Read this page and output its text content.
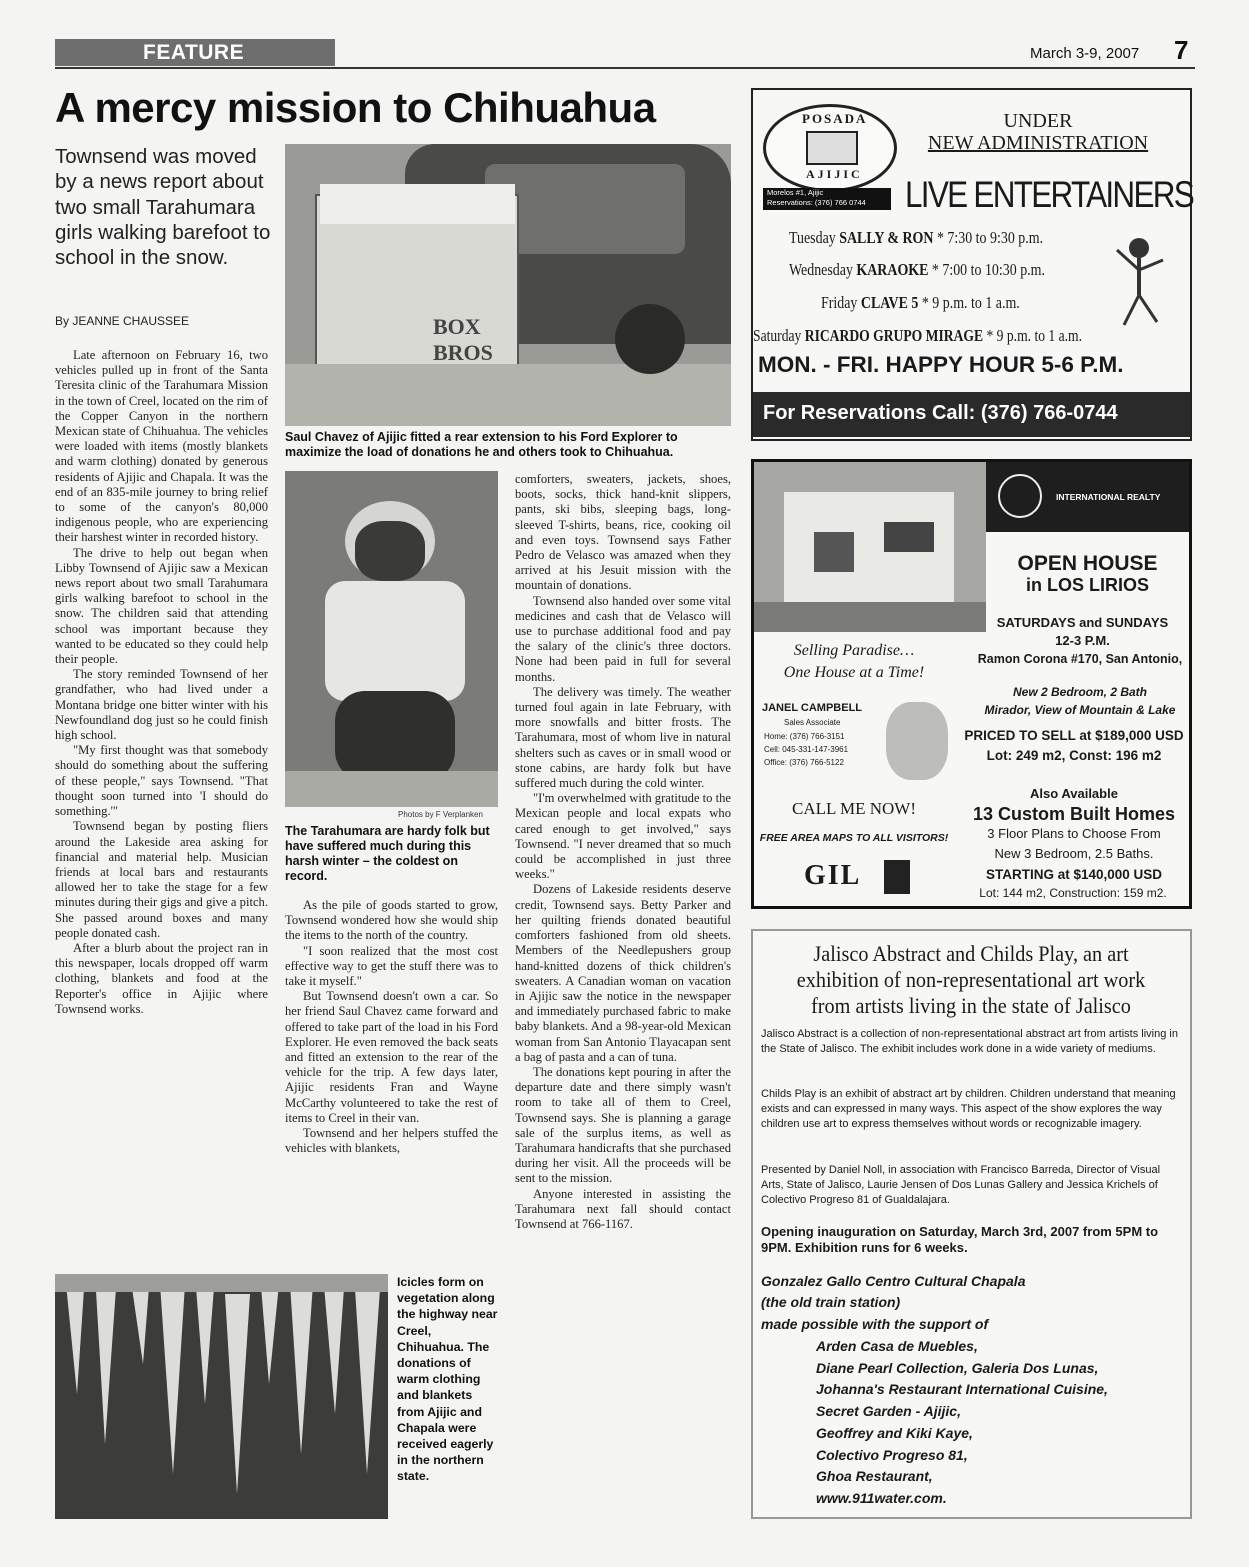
FEATURE	March 3-9, 2007 7
A mercy mission to Chihuahua
Townsend was moved by a news report about two small Tarahumara girls walking barefoot to school in the snow.
By JEANNE CHAUSSEE

Late afternoon on February 16, two vehicles pulled up in front of the Santa Teresita clinic of the Tarahumara Mission in the town of Creel, located on the rim of the Copper Canyon in the northern Mexican state of Chihuahua. The vehicles were loaded with items (mostly blankets and warm clothing) donated by generous residents of Ajijic and Chapala. It was the end of an 835-mile journey to bring relief to some of the canyon's 80,000 indigenous people, who are experiencing their harshest winter in recorded history.

The drive to help out began when Libby Townsend of Ajijic saw a Mexican news report about two small Tarahumara girls walking barefoot to school in the snow. The children said that attending school was important because they wanted to be educated so they could help their people.

The story reminded Townsend of her grandfather, who had lived under a Montana bridge one bitter winter with his Newfoundland dog just so he could finish high school.

"My first thought was that somebody should do something about the suffering of these people," says Townsend. "That thought soon turned into 'I should do something.'"

Townsend began by posting fliers around the Lakeside area asking for financial and material help. Musician friends at local bars and restaurants allowed her to take the stage for a few minutes during their gigs and give a pitch. She passed around boxes and many people donated cash.

After a blurb about the project ran in this newspaper, locals dropped off warm clothing, blankets and food at the Reporter's office in Ajijic where Townsend works.

BOX
BROS
Saul Chavez of Ajijic fitted a rear extension to his Ford Explorer to maximize the load of donations he and others took to Chihuahua.
Photos by F Verplanken
The Tarahumara are hardy folk but have suffered much during this harsh winter – the coldest on record.

As the pile of goods started to grow, Townsend wondered how she would ship the items to the north of the country.

"I soon realized that the most cost effective way to get the stuff there was to take it myself."

But Townsend doesn't own a car. So her friend Saul Chavez came forward and offered to take part of the load in his Ford Explorer. He even removed the back seats and fitted an extension to the rear of the vehicle for the trip. A few days later, Ajijic residents Fran and Wayne McCarthy volunteered to take the rest of items to Creel in their van.

Townsend and her helpers stuffed the vehicles with blankets,

comforters, sweaters, jackets, shoes, boots, socks, thick hand-knit slippers, pants, ski bibs, sleeping bags, long-sleeved T-shirts, beans, rice, cooking oil and even toys. Townsend says Father Pedro de Velasco was amazed when they arrived at his Jesuit mission with the mountain of donations.

Townsend also handed over some vital medicines and cash that de Velasco will use to purchase additional food and pay the salary of the clinic's three doctors. None had been paid in full for several months.

The delivery was timely. The weather turned foul again in late February, with more snowfalls and bitter frosts. The Tarahumara, most of whom live in natural shelters such as caves or in small wood or stone cabins, are hardy folk but have suffered much during the cold winter.

"I'm overwhelmed with gratitude to the Mexican people and local expats who cared enough to get involved," says Townsend. "I never dreamed that so much could be accomplished in just three weeks."

Dozens of Lakeside residents deserve credit, Townsend says. Betty Parker and her quilting friends donated beautiful comforters fashioned from old sheets. Members of the Needlepushers group hand-knitted dozens of thick children's sweaters. A Canadian woman on vacation in Ajijic saw the notice in the newspaper and immediately purchased fabric to make baby blankets. And a 98-year-old Mexican woman from San Antonio Tlayacapan sent a bag of pasta and a can of tuna.

The donations kept pouring in after the departure date and there simply wasn't room to take all of them to Creel, Townsend says. She is planning a garage sale of the surplus items, as well as Tarahumara handicrafts that she purchased during her visit. All the proceeds will be sent to the mission.

Anyone interested in assisting the Tarahumara next fall should contact Townsend at 766-1167.

Icicles form on vegetation along the highway near Creel, Chihuahua. The donations of warm clothing and blankets from Ajijic and Chapala were received eagerly in the northern state.
POSADA
AJIJIC
Morelos #1, Ajijic
Reservations: (376) 766 0744
UNDER
NEW ADMINISTRATION
LIVE ENTERTAINERS
Tuesday SALLY & RON * 7:30 to 9:30 p.m.
Wednesday KARAOKE * 7:00 to 10:30 p.m.
Friday CLAVE 5 * 9 p.m. to 1 a.m.
Saturday RICARDO GRUPO MIRAGE * 9 p.m. to 1 a.m.
MON. - FRI. HAPPY HOUR 5-6 P.M.
For Reservations Call: (376) 766-0744
INTERNATIONAL REALTY
OPEN HOUSE
in LOS LIRIOS
SATURDAYS and SUNDAYS
12-3 P.M.
Ramon Corona #170, San Antonio,
New 2 Bedroom, 2 Bath
Mirador, View of Mountain & Lake
PRICED TO SELL at $189,000 USD
Lot: 249 m2, Const: 196 m2
Also Available
13 Custom Built Homes
3 Floor Plans to Choose From
New 3 Bedroom, 2.5 Baths.
STARTING at $140,000 USD
Lot: 144 m2, Construction: 159 m2.
Selling Paradise…
One House at a Time!
JANEL CAMPBELL
Sales Associate
Home: (376) 766-3151
Cell: 045-331-147-3961
Office: (376) 766-5122
CALL ME NOW!
FREE AREA MAPS TO ALL VISITORS!
GIL
Jalisco Abstract and Childs Play, an art exhibition of non-representational art work from artists living in the state of Jalisco
Jalisco Abstract is a collection of non-representational abstract art from artists living in the State of Jalisco. The exhibit includes work done in a wide variety of mediums.
Childs Play is an exhibit of abstract art by children. Children understand that meaning exists and can expressed in many ways. This aspect of the show explores the way children use art to express themselves without words or recognizable imagery.
Presented by Daniel Noll, in association with Francisco Barreda, Director of Visual Arts, State of Jalisco, Laurie Jensen of Dos Lunas Gallery and Jessica Krichels of Colectivo Progreso 81 of Gualdalajara.
Opening inauguration on Saturday, March 3rd, 2007 from 5PM to 9PM. Exhibition runs for 6 weeks.
Gonzalez Gallo Centro Cultural Chapala
(the old train station)
made possible with the support of
Arden Casa de Muebles,
Diane Pearl Collection, Galeria Dos Lunas,
Johanna's Restaurant International Cuisine,
Secret Garden - Ajijic,
Geoffrey and Kiki Kaye,
Colectivo Progreso 81,
Ghoa Restaurant,
www.911water.com.
